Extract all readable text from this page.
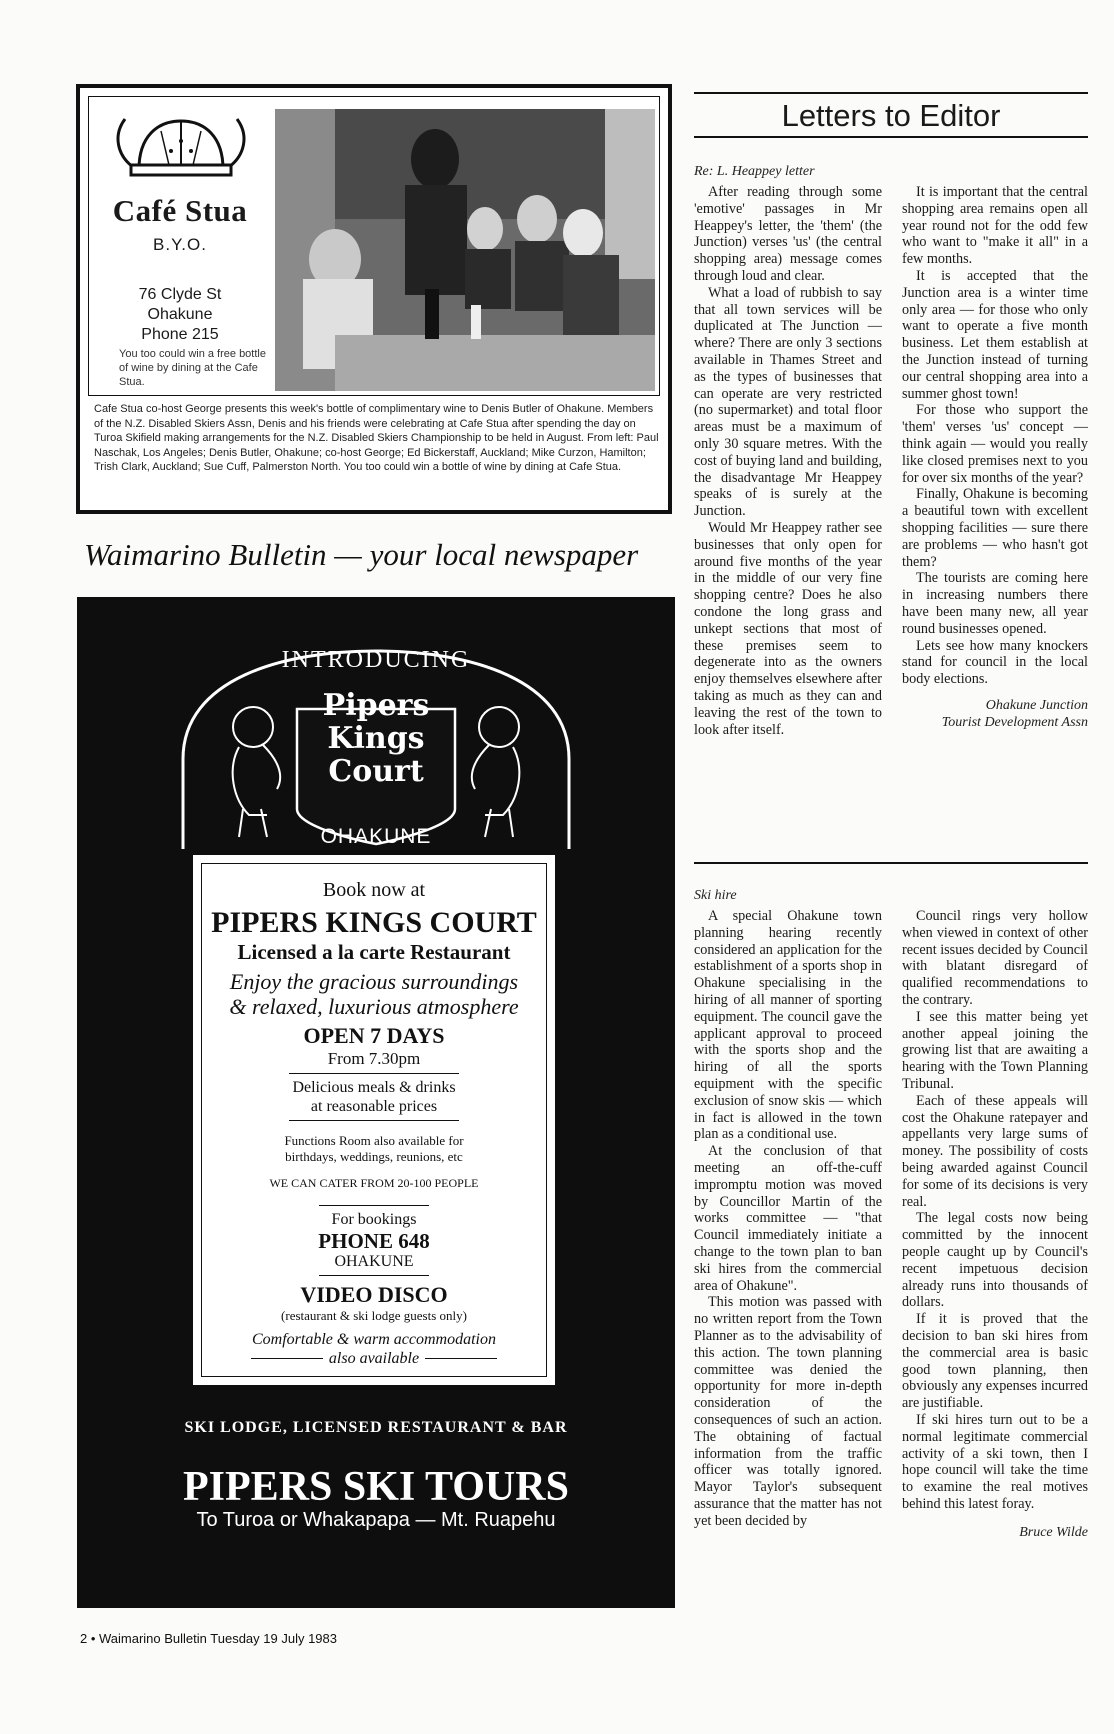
Café Stua
B.Y.O.
76 Clyde St
Ohakune
Phone 215
You too could win a free bottle of wine by dining at the Cafe Stua.
Cafe Stua co-host George presents this week's bottle of complimentary wine to Denis Butler of Ohakune. Members of the N.Z. Disabled Skiers Assn, Denis and his friends were celebrating at Cafe Stua after spending the day on Turoa Skifield making arrangements for the N.Z. Disabled Skiers Championship to be held in August. From left: Paul Naschak, Los Angeles; Denis Butler, Ohakune; co-host George; Ed Bickerstaff, Auckland; Mike Curzon, Hamilton; Trish Clark, Auckland; Sue Cuff, Palmerston North. You too could win a bottle of wine by dining at Cafe Stua.
Waimarino Bulletin — your local newspaper
INTRODUCING
Pipers
Kings
Court
OHAKUNE
Book now at
PIPERS KINGS COURT
Licensed a la carte Restaurant
Enjoy the gracious surroundings
& relaxed, luxurious atmosphere
OPEN 7 DAYS
From 7.30pm
Delicious meals & drinks
at reasonable prices
Functions Room also available for
birthdays, weddings, reunions, etc
WE CAN CATER FROM 20-100 PEOPLE
For bookings
PHONE 648
OHAKUNE
VIDEO DISCO
(restaurant & ski lodge guests only)
Comfortable & warm accommodation
also available
SKI LODGE, LICENSED RESTAURANT & BAR
PIPERS SKI TOURS
To Turoa or Whakapapa — Mt. Ruapehu
2 • Waimarino Bulletin Tuesday 19 July 1983
Letters to Editor
Re: L. Heappey letter

After reading through some 'emotive' passages in Mr Heappey's letter, the 'them' (the Junction) verses 'us' (the central shopping area) message comes through loud and clear.

What a load of rubbish to say that all town services will be duplicated at The Junction — where? There are only 3 sections available in Thames Street and as the types of businesses that can operate are very restricted (no supermarket) and total floor areas must be a maximum of only 30 square metres. With the cost of buying land and building, the disadvantage Mr Heappey speaks of is surely at the Junction.

Would Mr Heappey rather see businesses that only open for around five months of the year in the middle of our very fine shopping centre? Does he also condone the long grass and unkept sections that most of these premises seem to degenerate into as the owners enjoy themselves elsewhere after taking as much as they can and leaving the rest of the town to look after itself.

It is important that the central shopping area remains open all year round not for the odd few who want to "make it all" in a few months.

It is accepted that the Junction area is a winter time only area — for those who only want to operate a five month business. Let them establish at the Junction instead of turning our central shopping area into a summer ghost town!

For those who support the 'them' verses 'us' concept — think again — would you really like closed premises next to you for over six months of the year?

Finally, Ohakune is becoming a beautiful town with excellent shopping facilities — sure there are problems — who hasn't got them?

The tourists are coming here in increasing numbers there have been many new, all year round businesses opened.

Lets see how many knockers stand for council in the local body elections.

Ohakune Junction
Tourist Development Assn
Ski hire

A special Ohakune town planning hearing recently considered an application for the establishment of a sports shop in Ohakune specialising in the hiring of all manner of sporting equipment. The council gave the applicant approval to proceed with the sports shop and the hiring of all the sports equipment with the specific exclusion of snow skis — which in fact is allowed in the town plan as a conditional use.

At the conclusion of that meeting an off-the-cuff impromptu motion was moved by Councillor Martin of the works committee — "that Council immediately initiate a change to the town plan to ban ski hires from the commercial area of Ohakune".

This motion was passed with no written report from the Town Planner as to the advisability of this action. The town planning committee was denied the opportunity for more in-depth consideration of the consequences of such an action. The obtaining of factual information from the traffic officer was totally ignored. Mayor Taylor's subsequent assurance that the matter has not yet been decided by

Council rings very hollow when viewed in context of other recent issues decided by Council with blatant disregard of qualified recommendations to the contrary.

I see this matter being yet another appeal joining the growing list that are awaiting a hearing with the Town Planning Tribunal.

Each of these appeals will cost the Ohakune ratepayer and appellants very large sums of money. The possibility of costs being awarded against Council for some of its decisions is very real.

The legal costs now being committed by the innocent people caught up by Council's recent impetuous decision already runs into thousands of dollars.

If it is proved that the decision to ban ski hires from the commercial area is basic good town planning, then obviously any expenses incurred are justifiable.

If ski hires turn out to be a normal legitimate commercial activity of a ski town, then I hope council will take the time to examine the real motives behind this latest foray.

Bruce Wilde
